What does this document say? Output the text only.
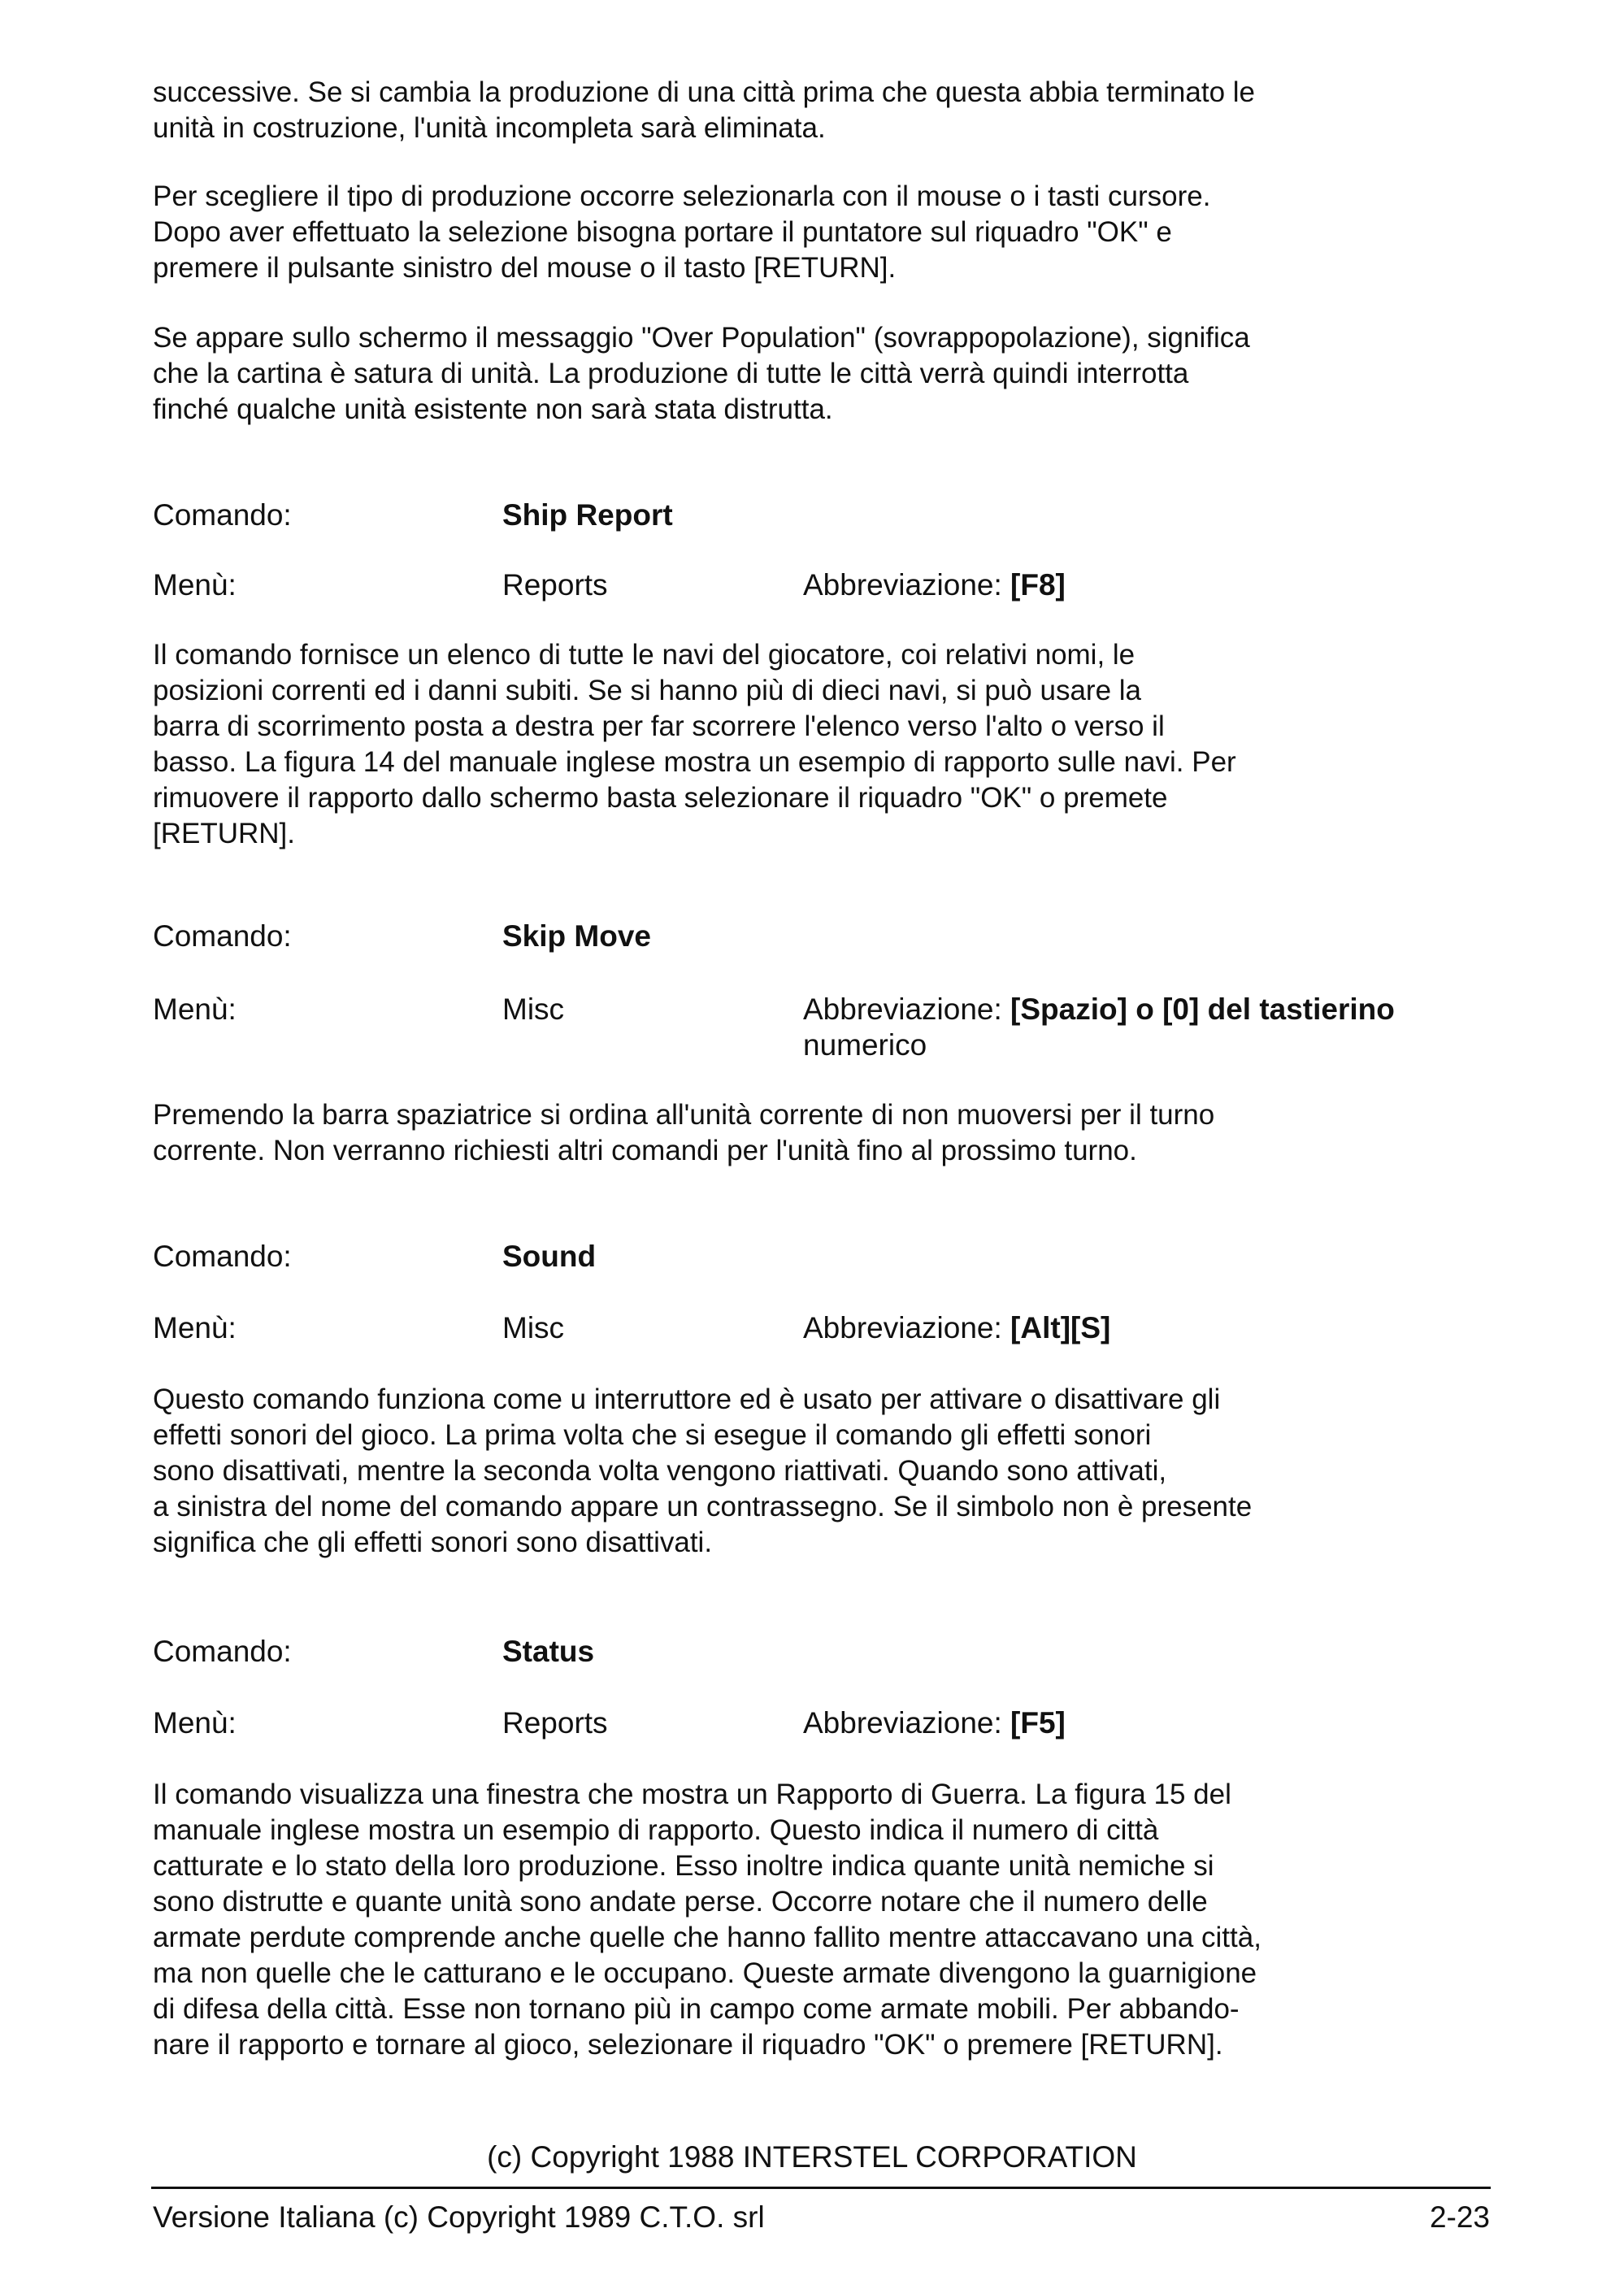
successive. Se si cambia la produzione di una città prima che questa abbia terminato le
unità in costruzione, l'unità incompleta sarà eliminata.

Per scegliere il tipo di produzione occorre selezionarla con il mouse o i tasti cursore.
Dopo aver effettuato la selezione bisogna portare il puntatore sul riquadro "OK" e
premere il pulsante sinistro del mouse o il tasto [RETURN].

Se appare sullo schermo il messaggio "Over Population" (sovrappopolazione), significa
che la cartina è satura di unità. La produzione di tutte le città verrà quindi interrotta
finché qualche unità esistente non sarà stata distrutta.

Comando:	Ship Report
Menù:	Reports	Abbreviazione: [F8]

Il comando fornisce un elenco di tutte le navi del giocatore, coi relativi nomi, le
posizioni correnti ed i danni subiti. Se si hanno più di dieci navi, si può usare la
barra di scorrimento posta a destra per far scorrere l'elenco verso l'alto o verso il
basso. La figura 14 del manuale inglese mostra un esempio di rapporto sulle navi. Per
rimuovere il rapporto dallo schermo basta selezionare il riquadro "OK" o premete
[RETURN].

Comando:	Skip Move
Menù:	Misc	Abbreviazione: [Spazio] o [0] del tastierino
numerico

Premendo la barra spaziatrice si ordina all'unità corrente di non muoversi per il turno
corrente. Non verranno richiesti altri comandi per l'unità fino al prossimo turno.

Comando:	Sound
Menù:	Misc	Abbreviazione: [Alt][S]

Questo comando funziona come u interruttore ed è usato per attivare o disattivare gli
effetti sonori del gioco. La prima volta che si esegue il comando gli effetti sonori
sono disattivati, mentre la seconda volta vengono riattivati. Quando sono attivati,
a sinistra del nome del comando appare un contrassegno. Se il simbolo non è presente
significa che gli effetti sonori sono disattivati.

Comando:	Status
Menù:	Reports	Abbreviazione: [F5]

Il comando visualizza una finestra che mostra un Rapporto di Guerra. La figura 15 del
manuale inglese mostra un esempio di rapporto. Questo indica il numero di città
catturate e lo stato della loro produzione. Esso inoltre indica quante unità nemiche si
sono distrutte e quante unità sono andate perse. Occorre notare che il numero delle
armate perdute comprende anche quelle che hanno fallito mentre attaccavano una città,
ma non quelle che le catturano e le occupano. Queste armate divengono la guarnigione
di difesa della città. Esse non tornano più in campo come armate mobili. Per abbando-
nare il rapporto e tornare al gioco, selezionare il riquadro "OK" o premere [RETURN].

(c) Copyright 1988 INTERSTEL CORPORATION
Versione Italiana (c) Copyright 1989 C.T.O. srl	2-23
